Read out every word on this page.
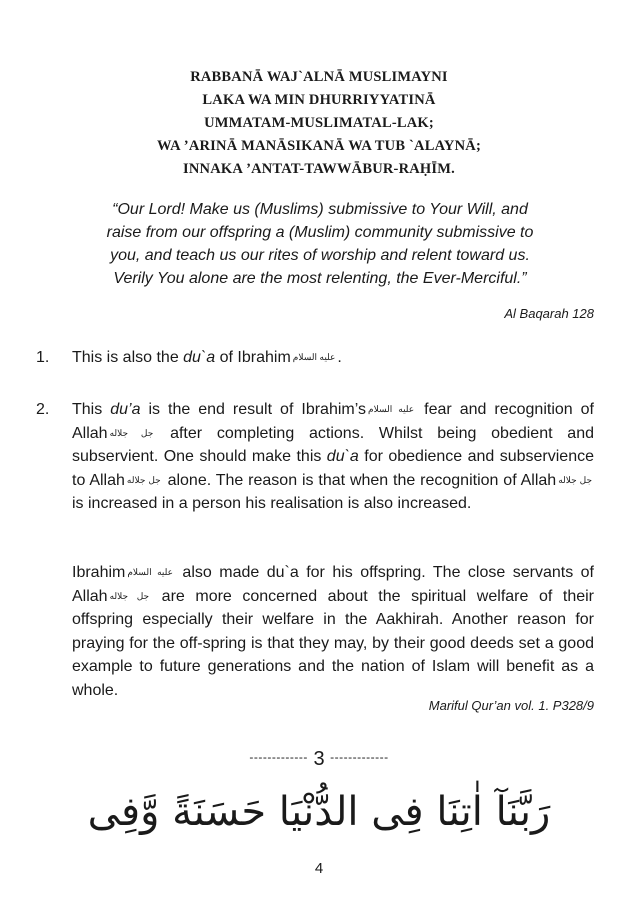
RABBANĀ WAJ`ALNĀ MUSLIMAYNI
LAKA WA MIN DHURRIYYATINĀ
UMMATAM-MUSLIMATAL-LAK;
WA ’ARINĀ MANĀSIKANĀ WA TUB `ALAYNĀ;
INNAKA ’ANTAT-TAWWĀBUR-RAḤĪM.
“Our Lord! Make us (Muslims) submissive to Your Will, and raise from our offspring a (Muslim) community submissive to you, and teach us our rites of worship and relent toward us. Verily You alone are the most relenting, the Ever-Merciful.”
Al Baqarah 128
1. This is also the du`a of Ibrahim عليه السلام .
2. This du’a is the end result of Ibrahim’s عليه السلام fear and recognition of Allah جل جلاله after completing actions. Whilst being obedient and subservient. One should make this du`a for obedience and subservience to Allah جل جلاله alone. The reason is that when the recognition of Allah جل جلاله is increased in a person his realisation is also increased.
Ibrahim عليه السلام also made du`a for his offspring. The close servants of Allah جل جلاله are more concerned about the spiritual welfare of their offspring especially their welfare in the Aakhirah. Another reason for praying for the off-spring is that they may, by their good deeds set a good example to future generations and the nation of Islam will benefit as a whole.
Mariful Qur’an vol. 1. P328/9
------------- 3 -------------
رَبَّنَآ اٰتِنَا فِى الدُّنْيَا حَسَنَةً وَّفِى
4
